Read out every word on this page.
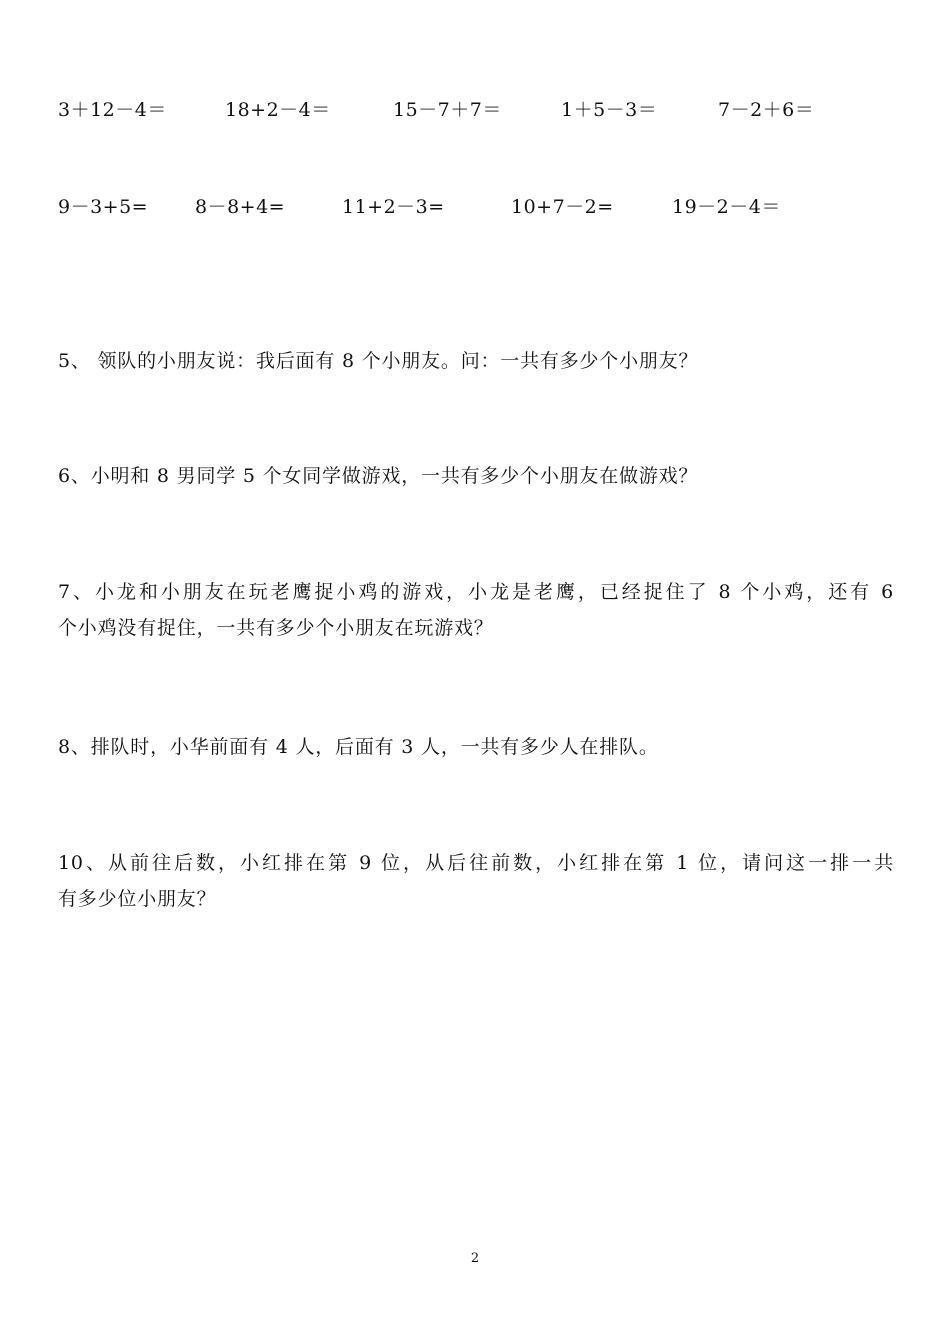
3＋12－4＝	18+2－4＝	15－7＋7＝	1＋5－3＝	7－2＋6＝
9－3+5= 8－8+4=	11+2－3=	10+7－2=	19－2－4＝
5、 领队的小朋友说：我后面有 8 个小朋友。问：一共有多少个小朋友？
6、小明和 8 男同学 5 个女同学做游戏，一共有多少个小朋友在做游戏？
7、小龙和小朋友在玩老鹰捉小鸡的游戏，小龙是老鹰，已经捉住了 8 个小鸡，还有 6
个小鸡没有捉住，一共有多少个小朋友在玩游戏？
8、排队时，小华前面有 4 人，后面有 3 人，一共有多少人在排队。
10、从前往后数，小红排在第 9 位，从后往前数，小红排在第 1 位，请问这一排一共
有多少位小朋友？
2
